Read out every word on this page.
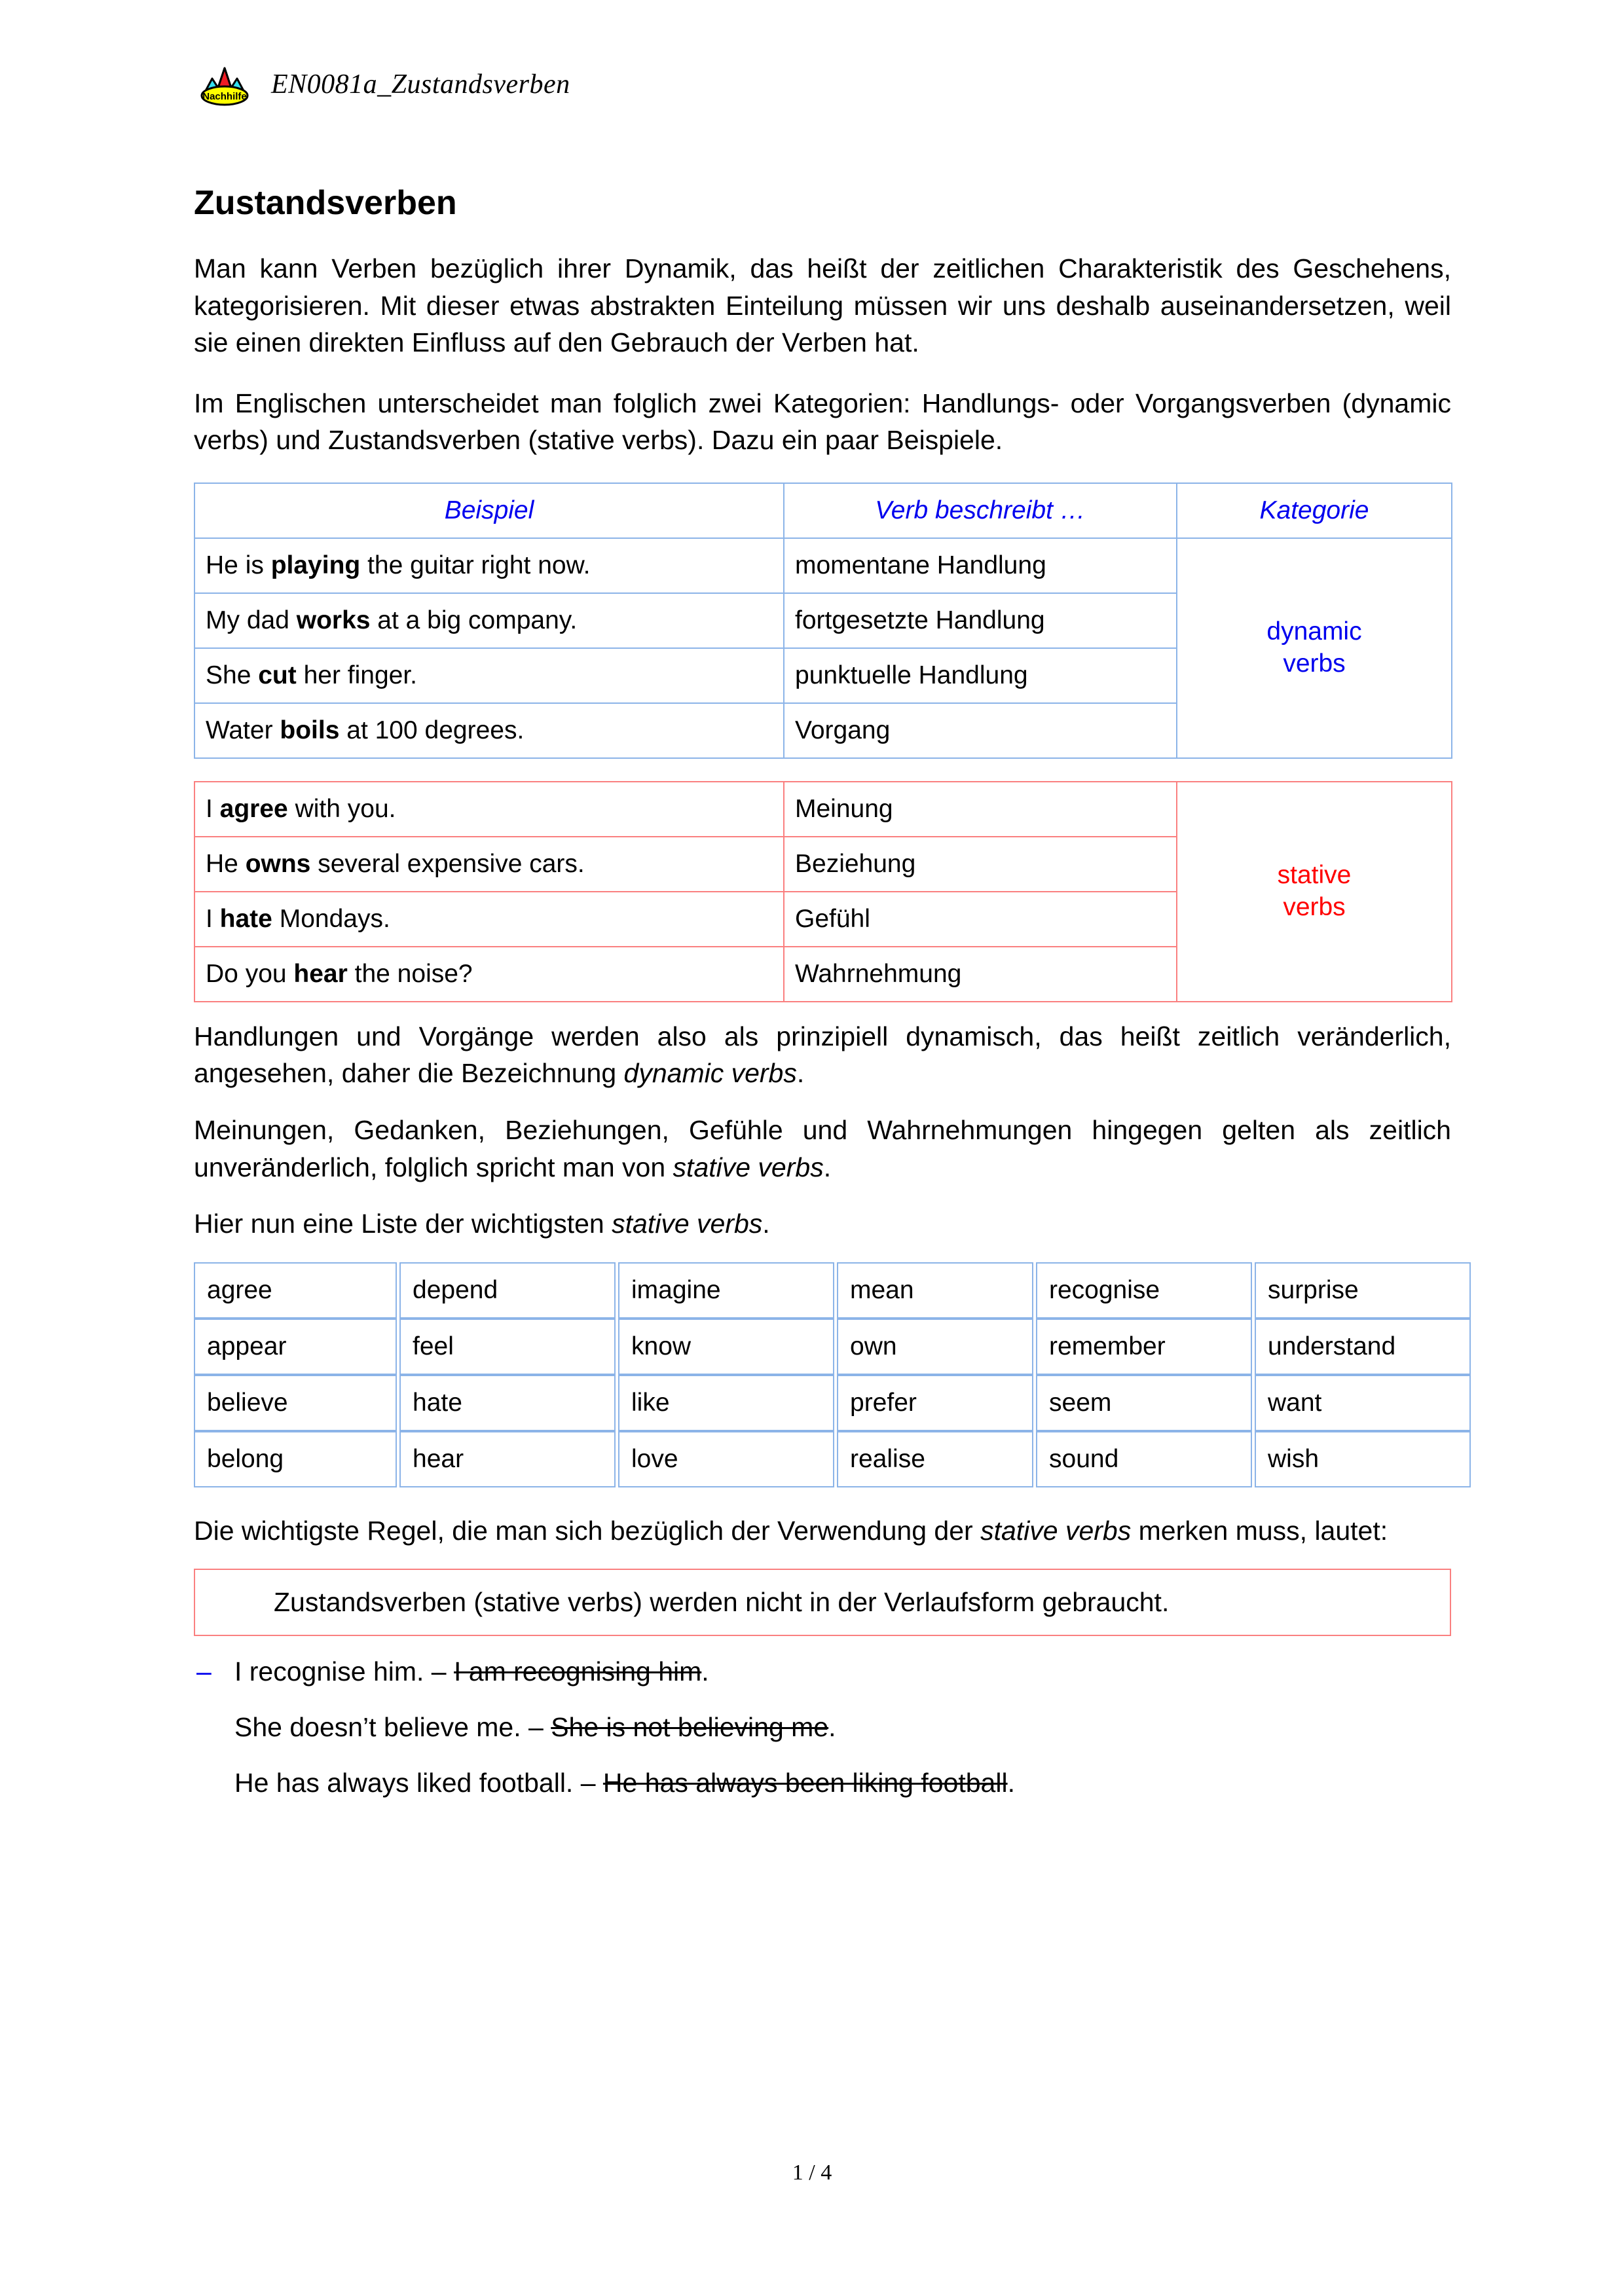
Nachhilfe EN0081a_Zustandsverben
Zustandsverben

Man kann Verben bezüglich ihrer Dynamik, das heißt der zeitlichen Charakteristik des Geschehens, kategorisieren. Mit dieser etwas abstrakten Einteilung müssen wir uns deshalb auseinandersetzen, weil sie einen direkten Einfluss auf den Gebrauch der Verben hat.

Im Englischen unterscheidet man folglich zwei Kategorien: Handlungs- oder Vorgangsverben (dynamic verbs) und Zustandsverben (stative verbs). Dazu ein paar Beispiele.

Beispiel	Verb beschreibt …	Kategorie
He is playing the guitar right now.	momentane Handlung	dynamic
verbs
My dad works at a big company.	fortgesetzte Handlung	
She cut her finger.	punktuelle Handlung	
Water boils at 100 degrees.	Vorgang	
I agree with you.	Meinung	stative
verbs
He owns several expensive cars.	Beziehung	
I hate Mondays.	Gefühl	
Do you hear the noise?	Wahrnehmung	

Handlungen und Vorgänge werden also als prinzipiell dynamisch, das heißt zeitlich veränderlich, angesehen, daher die Bezeichnung dynamic verbs.

Meinungen, Gedanken, Beziehungen, Gefühle und Wahrnehmungen hingegen gelten als zeitlich unveränderlich, folglich spricht man von stative verbs.

Hier nun eine Liste der wichtigsten stative verbs.

agree	depend	imagine	mean	recognise	surprise
appear	feel	know	own	remember	understand
believe	hate	like	prefer	seem	want
belong	hear	love	realise	sound	wish

Die wichtigste Regel, die man sich bezüglich der Verwendung der stative verbs merken muss, lautet:

Zustandsverben (stative verbs) werden nicht in der Verlaufsform gebraucht.
– I recognise him. – I am recognising him.
She doesn’t believe me. – She is not believing me.
He has always liked football. – He has always been liking football.
1 / 4
